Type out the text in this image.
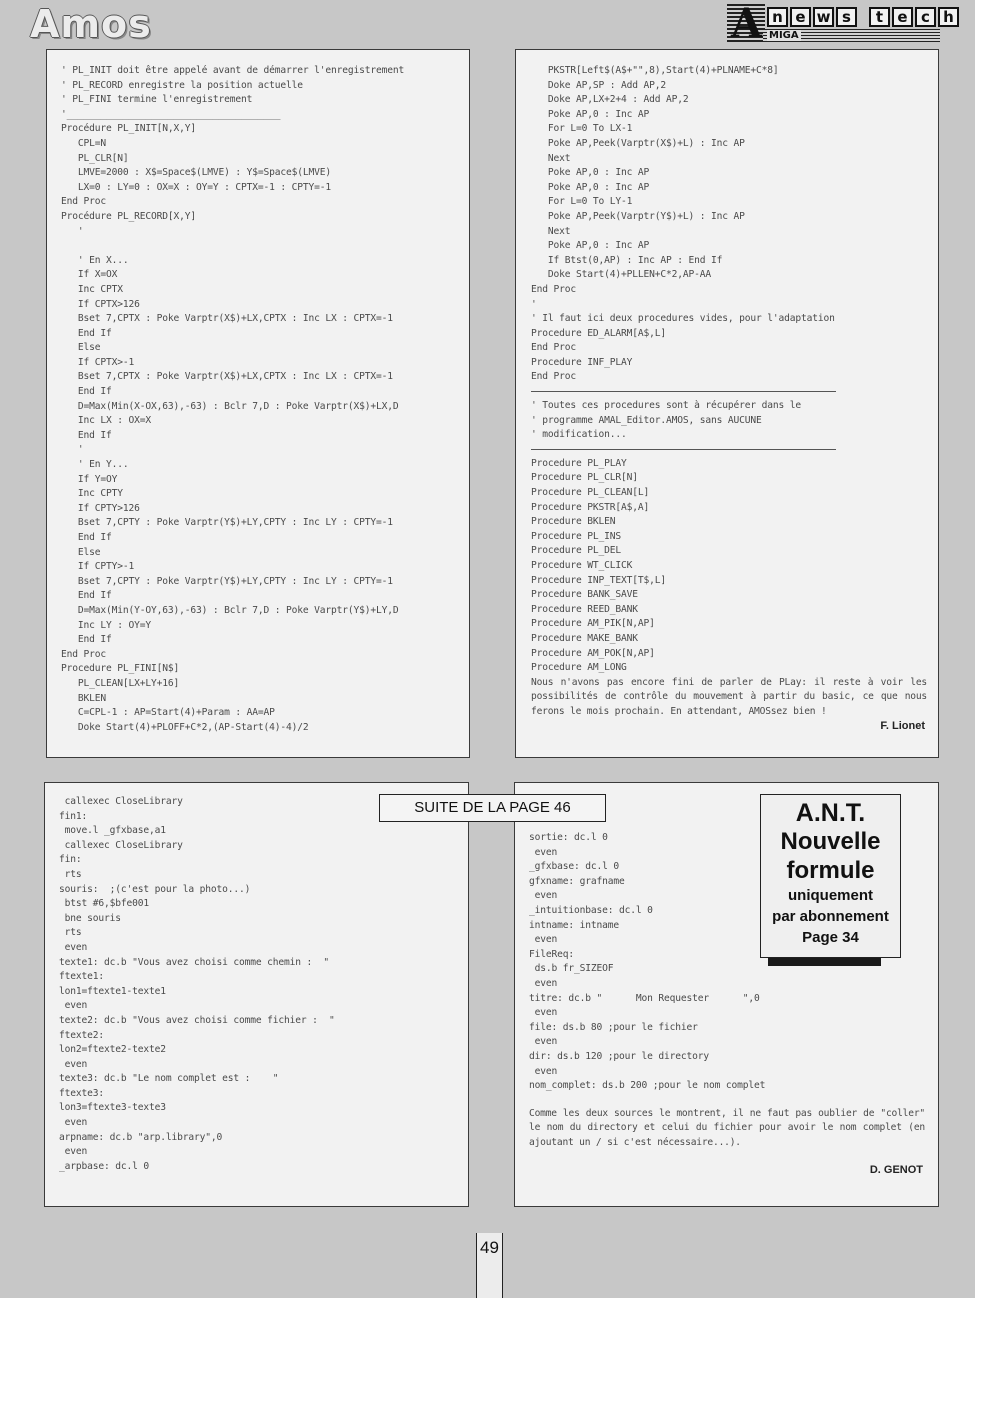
Amos	A n e w s	t e c h
MIGA
' PL_INIT doit être appelé avant de démarrer l'enregistrement
' PL_RECORD enregistre la position actuelle
' PL_FINI termine l'enregistrement
'______________________________________
Procédure PL_INIT[N,X,Y]
CPL=N
PL_CLR[N]
LMVE=2000 : X$=Space$(LMVE) : Y$=Space$(LMVE)
LX=0 : LY=0 : OX=X : OY=Y : CPTX=-1 : CPTY=-1
End Proc
Procédure PL_RECORD[X,Y]
'

' En X...
If X=OX
Inc CPTX
If CPTX>126
Bset 7,CPTX : Poke Varptr(X$)+LX,CPTX : Inc LX : CPTX=-1
End If
Else
If CPTX>-1
Bset 7,CPTX : Poke Varptr(X$)+LX,CPTX : Inc LX : CPTX=-1
End If
D=Max(Min(X-OX,63),-63) : Bclr 7,D : Poke Varptr(X$)+LX,D
Inc LX : OX=X
End If
'
' En Y...
If Y=OY
Inc CPTY
If CPTY>126
Bset 7,CPTY : Poke Varptr(Y$)+LY,CPTY : Inc LY : CPTY=-1
End If
Else
If CPTY>-1
Bset 7,CPTY : Poke Varptr(Y$)+LY,CPTY : Inc LY : CPTY=-1
End If
D=Max(Min(Y-OY,63),-63) : Bclr 7,D : Poke Varptr(Y$)+LY,D
Inc LY : OY=Y
End If
End Proc
Procedure PL_FINI[N$]
PL_CLEAN[LX+LY+16]
BKLEN
C=CPL-1 : AP=Start(4)+Param : AA=AP
Doke Start(4)+PLOFF+C*2,(AP-Start(4)-4)/2
PKSTR[Left$(A$+"",8),Start(4)+PLNAME+C*8]
Doke AP,SP : Add AP,2
Doke AP,LX+2+4 : Add AP,2
Poke AP,0 : Inc AP
For L=0 To LX-1
Poke AP,Peek(Varptr(X$)+L) : Inc AP
Next
Poke AP,0 : Inc AP
Poke AP,0 : Inc AP
For L=0 To LY-1
Poke AP,Peek(Varptr(Y$)+L) : Inc AP
Next
Poke AP,0 : Inc AP
If Btst(0,AP) : Inc AP : End If
Doke Start(4)+PLLEN+C*2,AP-AA
End Proc
'
' Il faut ici deux procedures vides, pour l'adaptation
Procedure ED_ALARM[A$,L]
End Proc
Procedure INF_PLAY
End Proc
' Toutes ces procedures sont à récupérer dans le
' programme AMAL_Editor.AMOS, sans AUCUNE
' modification...
Procedure PL_PLAY
Procedure PL_CLR[N]
Procedure PL_CLEAN[L]
Procedure PKSTR[A$,A]
Procedure BKLEN
Procedure PL_INS
Procedure PL_DEL
Procedure WT_CLICK
Procedure INP_TEXT[T$,L]
Procedure BANK_SAVE
Procedure REED_BANK
Procedure AM_PIK[N,AP]
Procedure MAKE_BANK
Procedure AM_POK[N,AP]
Procedure AM_LONG
Nous n'avons pas encore fini de parler de PLay: il reste à voir les possibilités de contrôle du mouvement à partir du basic, ce que nous ferons le mois prochain. En attendant, AMOSsez bien !
F. Lionet
callexec CloseLibrary
fin1:
move.l _gfxbase,a1
callexec CloseLibrary
fin:
rts
souris:  ;(c'est pour la photo...)
btst #6,$bfe001
bne souris
rts
even
texte1: dc.b "Vous avez choisi comme chemin :  "
ftexte1:
lon1=ftexte1-texte1
even
texte2: dc.b "Vous avez choisi comme fichier :  "
ftexte2:
lon2=ftexte2-texte2
even
texte3: dc.b "Le nom complet est :    "
ftexte3:
lon3=ftexte3-texte3
even
arpname: dc.b "arp.library",0
even
_arpbase: dc.l 0
sortie: dc.l 0
even
_gfxbase: dc.l 0
gfxname: grafname
even
_intuitionbase: dc.l 0
intname: intname
even
FileReq:
ds.b fr_SIZEOF
even
titre: dc.b "      Mon Requester      ",0
even
file: ds.b 80 ;pour le fichier
even
dir: ds.b 120 ;pour le directory
even
nom_complet: ds.b 200 ;pour le nom complet
Comme les deux sources le montrent, il ne faut pas oublier de "coller" le nom du directory et celui du fichier pour avoir le nom complet (en ajoutant un / si c'est nécessaire...).
D. GENOT
SUITE DE LA PAGE 46	A.N.T.
Nouvelle
formule
uniquement
par abonnement
Page 34
49
